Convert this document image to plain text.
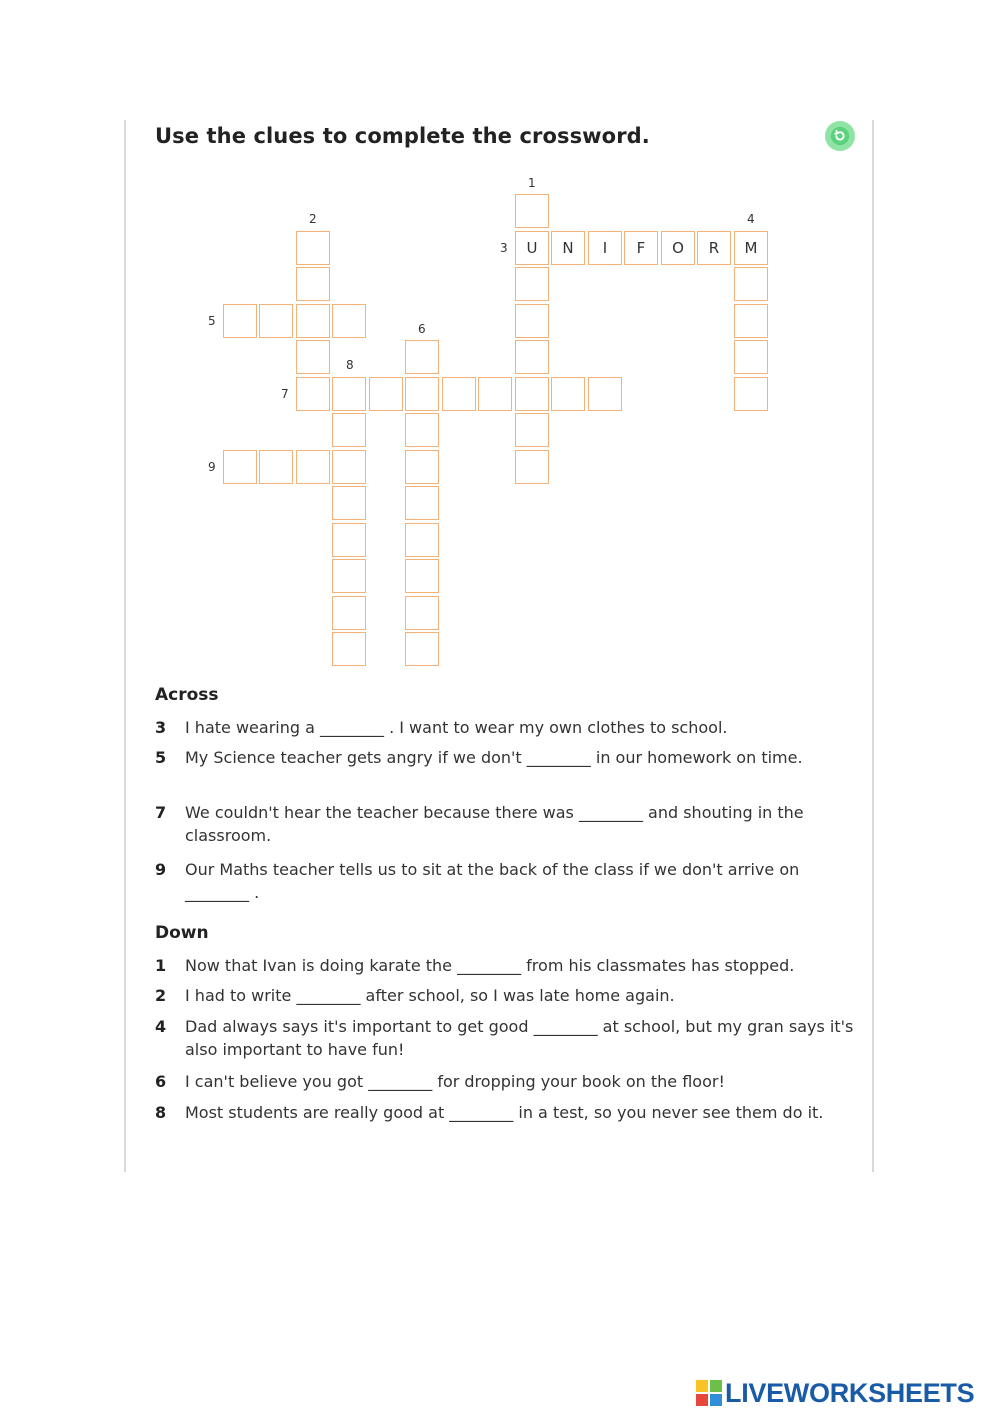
Use the clues to complete the crossword.
1
2	4
3
5
6
8
7
9
U
N
I
F
O
R
M
Across
3 I hate wearing a ________ . I want to wear my own clothes to school.
5 My Science teacher gets angry if we don't ________ in our homework on time.
7 We couldn't hear the teacher because there was ________ and shouting in the classroom.
9 Our Maths teacher tells us to sit at the back of the class if we don't arrive on ________ .
Down
1 Now that Ivan is doing karate the ________ from his classmates has stopped.
2 I had to write ________ after school, so I was late home again.
4 Dad always says it's important to get good ________ at school, but my gran says it's also important to have fun!
6 I can't believe you got ________ for dropping your book on the floor!
8 Most students are really good at ________ in a test, so you never see them do it.
LIVEWORKSHEETS
